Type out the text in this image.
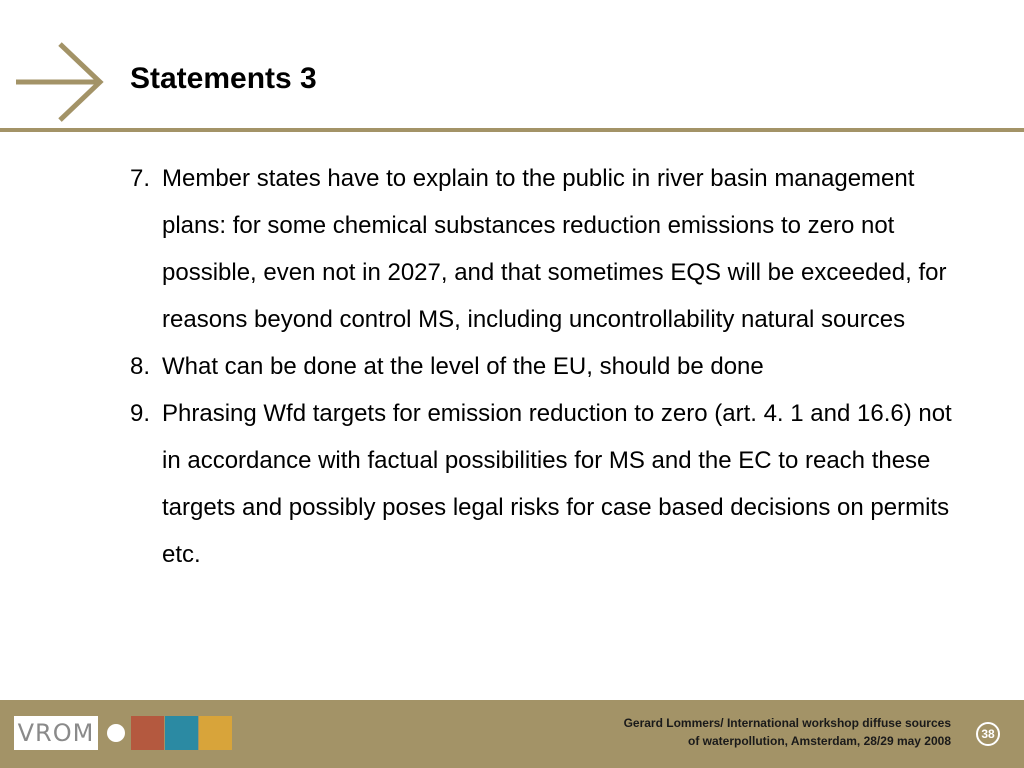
Statements 3
7. Member states have to explain to the public in river basin management plans: for some chemical substances reduction emissions to zero not possible, even not in 2027, and that sometimes EQS will be exceeded, for reasons beyond control MS, including uncontrollability natural sources
8. What can be done at the level of the EU, should be done
9. Phrasing Wfd targets for emission reduction to zero (art. 4. 1 and 16.6) not in accordance with factual possibilities for MS and the EC to reach these targets and possibly poses legal risks for case based decisions on permits etc.
VROM	Gerard Lommers/ International workshop diffuse sources
of waterpollution, Amsterdam, 28/29 may 2008	38
